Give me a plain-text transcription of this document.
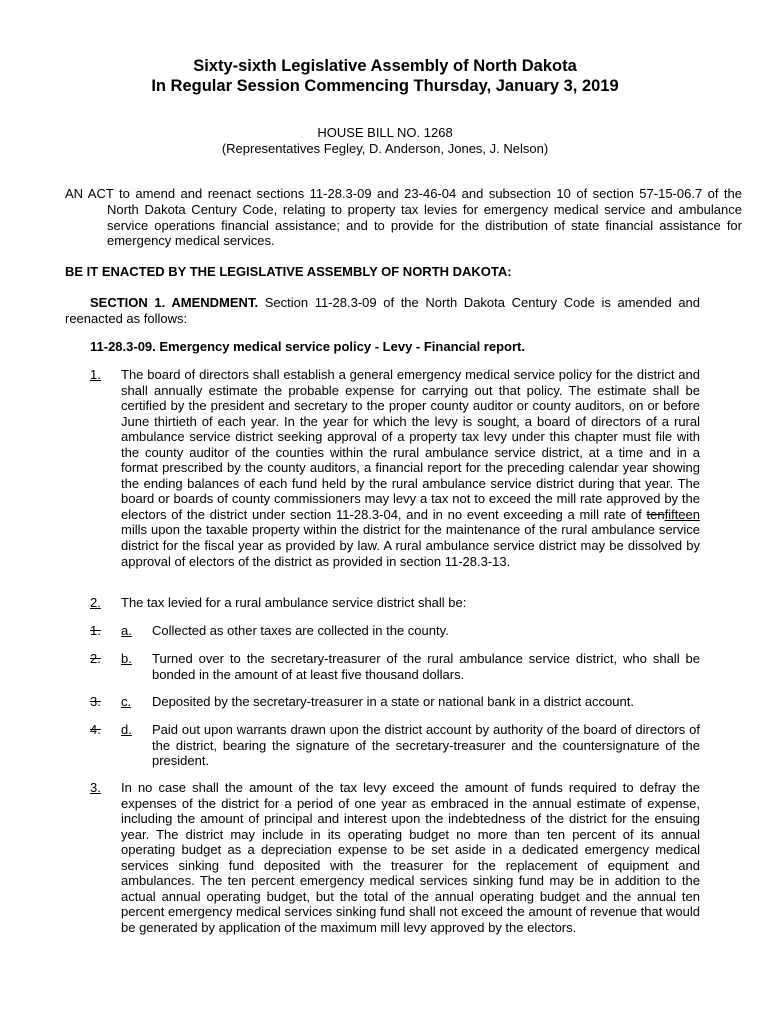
Sixty-sixth Legislative Assembly of North Dakota
In Regular Session Commencing Thursday, January 3, 2019
HOUSE BILL NO. 1268
(Representatives Fegley, D. Anderson, Jones, J. Nelson)
AN ACT to amend and reenact sections 11-28.3-09 and 23-46-04 and subsection 10 of section 57-15-06.7 of the North Dakota Century Code, relating to property tax levies for emergency medical service and ambulance service operations financial assistance; and to provide for the distribution of state financial assistance for emergency medical services.
BE IT ENACTED BY THE LEGISLATIVE ASSEMBLY OF NORTH DAKOTA:
SECTION 1. AMENDMENT. Section 11-28.3-09 of the North Dakota Century Code is amended and reenacted as follows:
11-28.3-09. Emergency medical service policy - Levy - Financial report.
1. The board of directors shall establish a general emergency medical service policy for the district and shall annually estimate the probable expense for carrying out that policy. The estimate shall be certified by the president and secretary to the proper county auditor or county auditors, on or before June thirtieth of each year. In the year for which the levy is sought, a board of directors of a rural ambulance service district seeking approval of a property tax levy under this chapter must file with the county auditor of the counties within the rural ambulance service district, at a time and in a format prescribed by the county auditors, a financial report for the preceding calendar year showing the ending balances of each fund held by the rural ambulance service district during that year. The board or boards of county commissioners may levy a tax not to exceed the mill rate approved by the electors of the district under section 11-28.3-04, and in no event exceeding a mill rate of tenfifteen mills upon the taxable property within the district for the maintenance of the rural ambulance service district for the fiscal year as provided by law. A rural ambulance service district may be dissolved by approval of electors of the district as provided in section 11-28.3-13.
2. The tax levied for a rural ambulance service district shall be:
1. a. Collected as other taxes are collected in the county.
2. b. Turned over to the secretary-treasurer of the rural ambulance service district, who shall be bonded in the amount of at least five thousand dollars.
3. c. Deposited by the secretary-treasurer in a state or national bank in a district account.
4. d. Paid out upon warrants drawn upon the district account by authority of the board of directors of the district, bearing the signature of the secretary-treasurer and the countersignature of the president.
3. In no case shall the amount of the tax levy exceed the amount of funds required to defray the expenses of the district for a period of one year as embraced in the annual estimate of expense, including the amount of principal and interest upon the indebtedness of the district for the ensuing year. The district may include in its operating budget no more than ten percent of its annual operating budget as a depreciation expense to be set aside in a dedicated emergency medical services sinking fund deposited with the treasurer for the replacement of equipment and ambulances. The ten percent emergency medical services sinking fund may be in addition to the actual annual operating budget, but the total of the annual operating budget and the annual ten percent emergency medical services sinking fund shall not exceed the amount of revenue that would be generated by application of the maximum mill levy approved by the electors.
